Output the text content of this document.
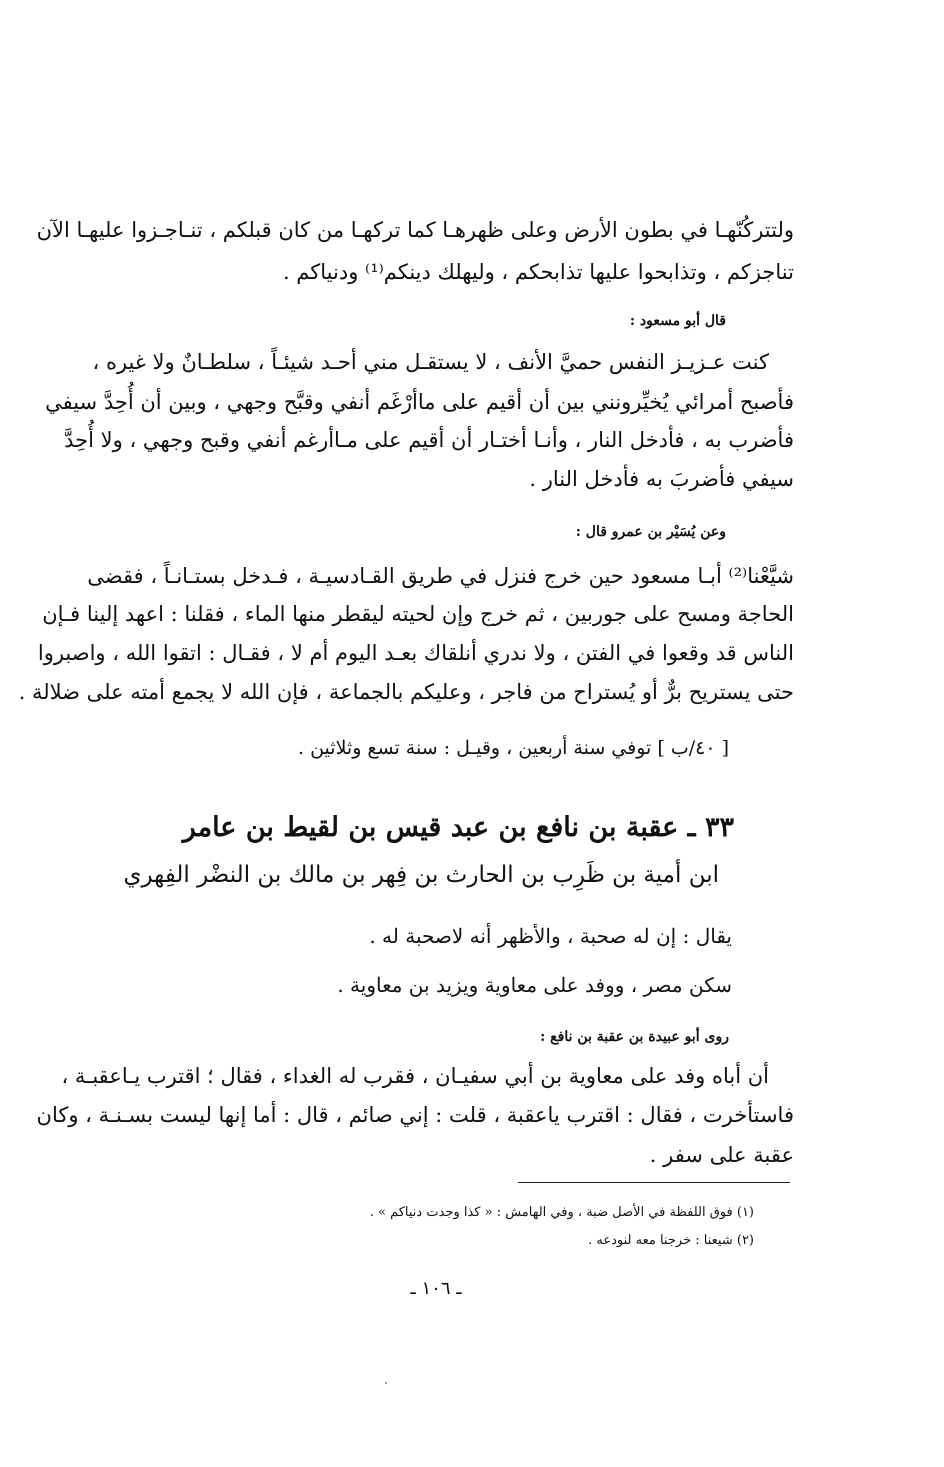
ولتتركُنّهـا في بطون الأرض وعلى ظهرهـا كما تركهـا من كان قبلكم ، تنـاجـزوا عليهـا الآن
تناجزكم ، وتذابحوا عليها تذابحكم ، وليهلك دينكم⁽¹⁾ ودنياكم .
قال أبو مسعود :
كنت عـزيـز النفس حميَّ الأنف ، لا يستقـل مني أحـد شيئـاً ، سلطـانٌ ولا غيره ،
فأصبح أمرائي يُخيِّرونني بين أن أقيم على ماأرْغَم أنفي وقبَّح وجهي ، وبين أن أُحِدَّ سيفي
فأضرب به ، فأدخل النار ، وأنـا أختـار أن أقيم على مـاأرغم أنفي وقبح وجهي ، ولا أُحِدَّ
سيفي فأضربَ به فأدخل النار .
وعن يُسَيْر بن عمرو قال :
شيَّعْنا⁽²⁾ أبـا مسعود حين خرج فنزل في طريق القـادسيـة ، فـدخل بستـانـاً ، فقضى
الحاجة ومسح على جوربين ، ثم خرج وإن لحيته ليقطر منها الماء ، فقلنا : اعهد إلينا فـإن
الناس قد وقعوا في الفتن ، ولا ندري أنلقاك بعـد اليوم أم لا ، فقـال : اتقوا الله ، واصبروا
حتى يستريح برٌّ أو يُستراح من فاجر ، وعليكم بالجماعة ، فإن الله لا يجمع أمته على ضلالة .
[ ٤٠/ب ] توفي سنة أربعين ، وقيـل : سنة تسع وثلاثين .
٣٣ ـ عقبة بن نافع بن عبد قيس بن لقيط بن عامر
ابن أمية بن ظَرِب بن الحارث بن فِهر بن مالك بن النضْر الفِهري
يقال : إن له صحبة ، والأظهر أنه لاصحبة له .
سكن مصر ، ووفد على معاوية ويزيد بن معاوية .
روى أبو عبيدة بن عقبة بن نافع :
أن أباه وفد على معاوية بن أبي سفيـان ، فقرب له الغداء ، فقال ؛ اقترب يـاعقبـة ،
فاستأخرت ، فقال : اقترب ياعقبة ، قلت : إني صائم ، قال : أما إنها ليست بسـنـة ، وكان
عقبة على سفر .
(١) فوق اللفظة في الأصل ضبة ، وفي الهامش : « كذا وجدت دنياكم » .
(٢) شيعنا : خرجنا معه لنودعه .
ـ ١٠٦ ـ
